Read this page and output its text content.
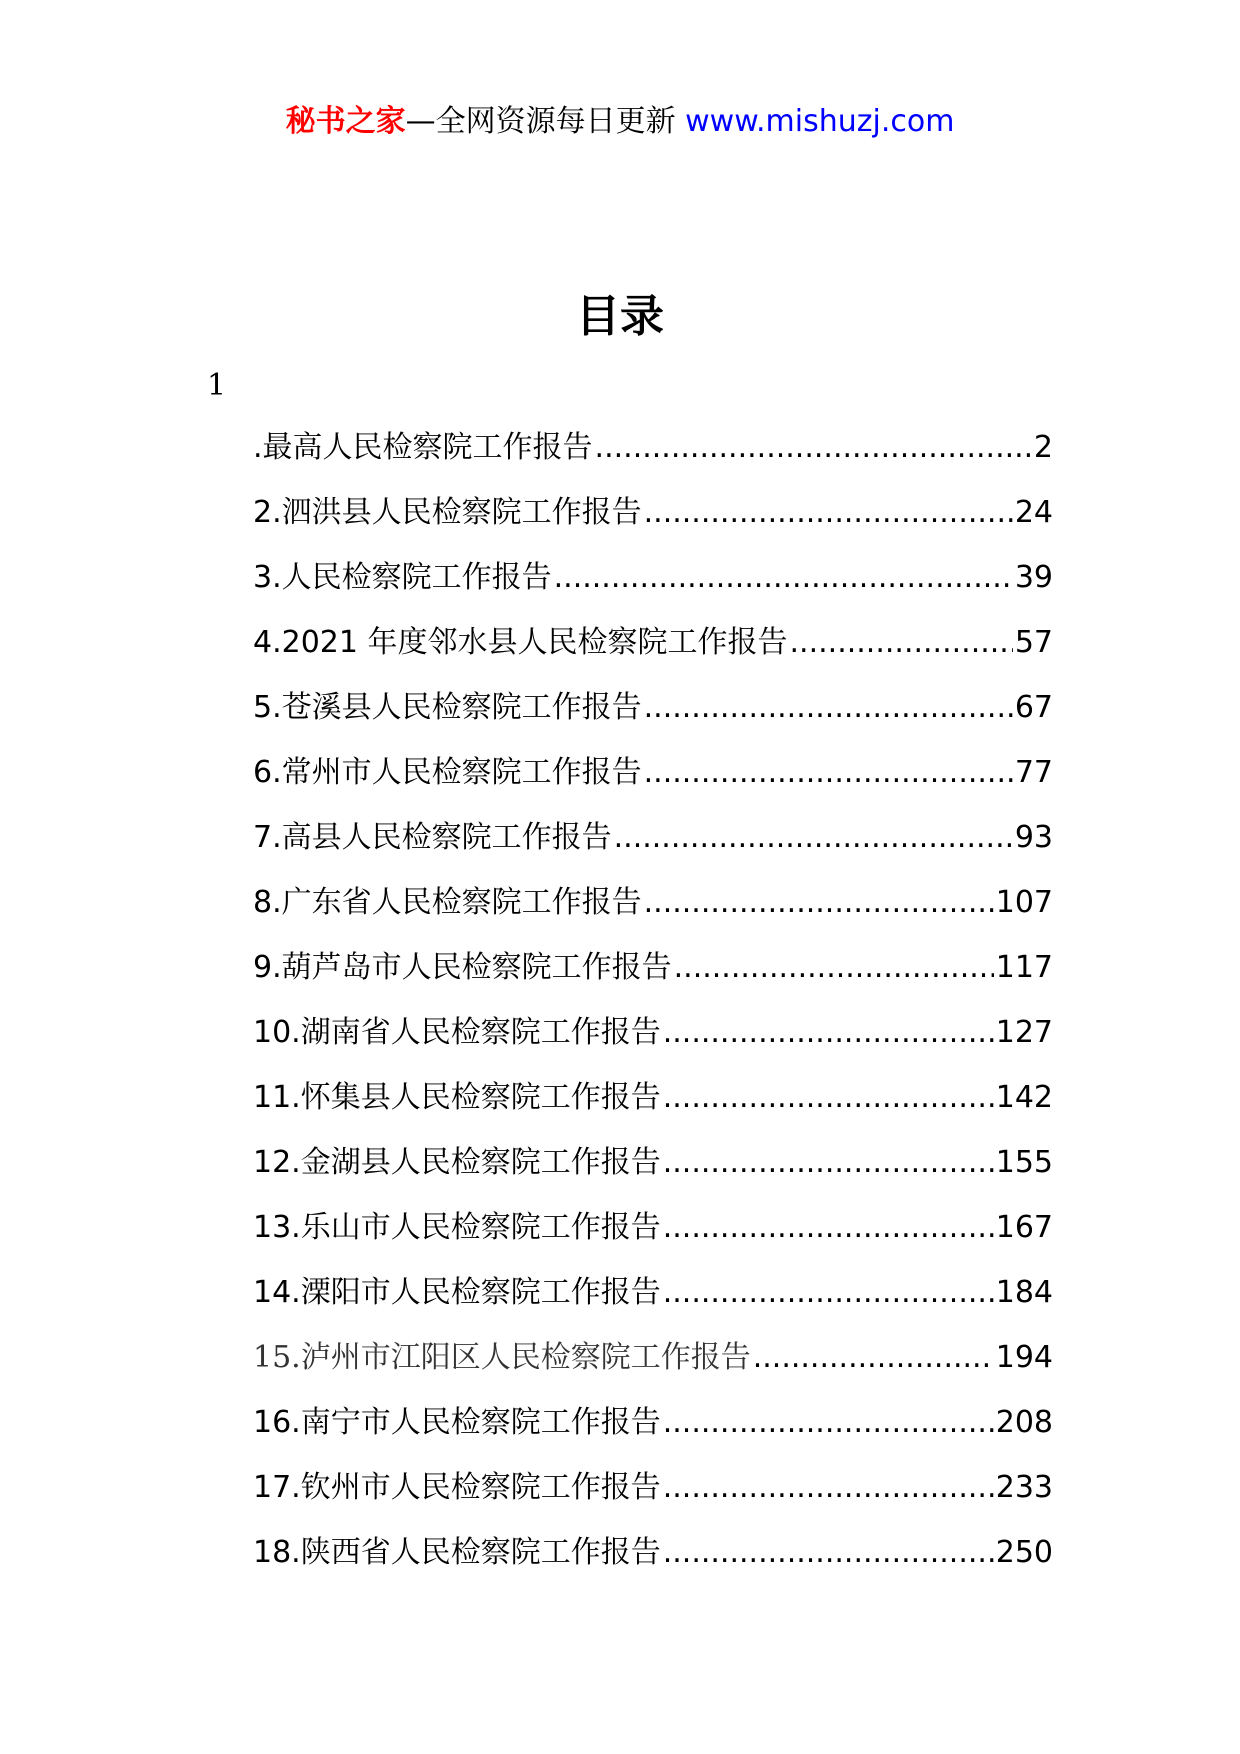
秘书之家—全网资源每日更新 www.mishuzj.com
目录
1
.最高人民检察院工作报告 .....	2
2.泗洪县人民检察院工作报告 .....	24
3.人民检察院工作报告 .....	39
4.2021 年度邻水县人民检察院工作报告 .....	57
5.苍溪县人民检察院工作报告 .....	67
6.常州市人民检察院工作报告 .....	77
7.高县人民检察院工作报告 .....	93
8.广东省人民检察院工作报告 .....	107
9.葫芦岛市人民检察院工作报告 .....	117
10.湖南省人民检察院工作报告 .....	127
11.怀集县人民检察院工作报告 .....	142
12.金湖县人民检察院工作报告 .....	155
13.乐山市人民检察院工作报告 .....	167
14.溧阳市人民检察院工作报告 .....	184
15.泸州市江阳区人民检察院工作报告 .....	194
16.南宁市人民检察院工作报告 .....	208
17.钦州市人民检察院工作报告 .....	233
18.陕西省人民检察院工作报告 .....	250
